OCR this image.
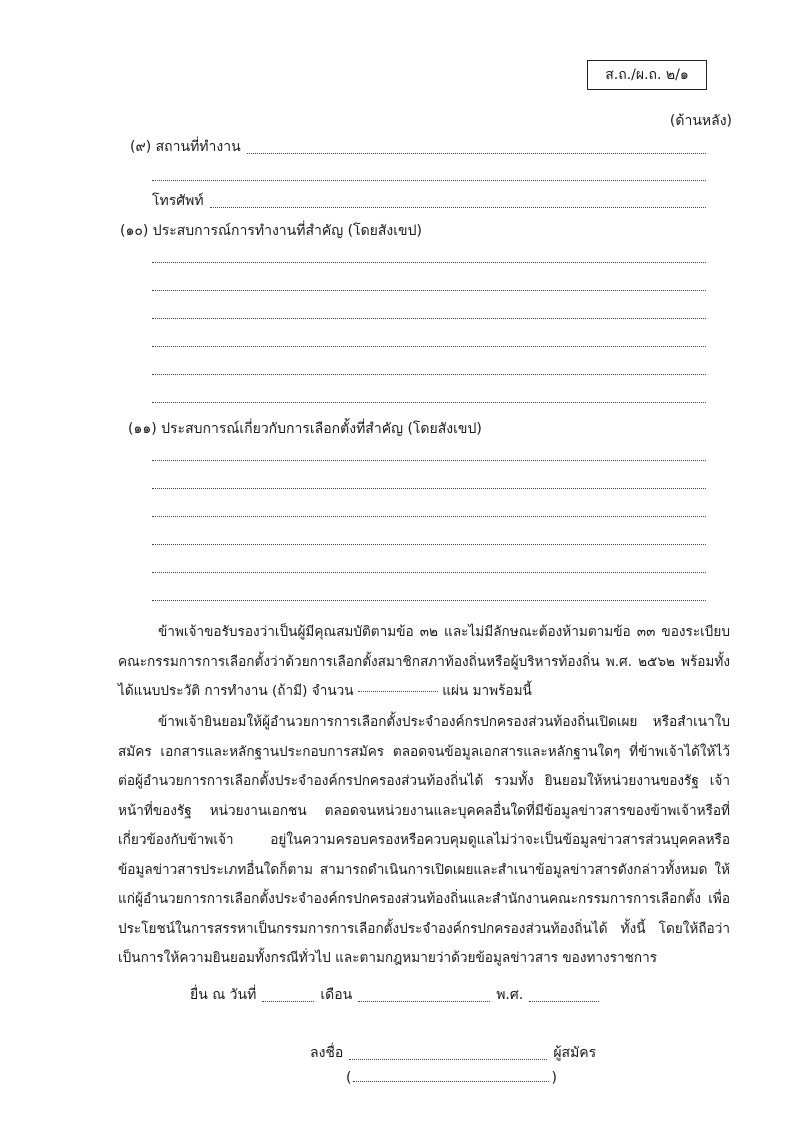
ส.ถ./ผ.ถ. ๒/๑
(ด้านหลัง)
(๙) สถานที่ทำงาน
โทรศัพท์
(๑๐) ประสบการณ์การทำงานที่สำคัญ (โดยสังเขป)
(๑๑) ประสบการณ์เกี่ยวกับการเลือกตั้งที่สำคัญ (โดยสังเขป)

ข้าพเจ้าขอรับรองว่าเป็นผู้มีคุณสมบัติตามข้อ ๓๒ และไม่มีลักษณะต้องห้ามตามข้อ ๓๓ ของระเบียบคณะกรรมการการเลือกตั้งว่าด้วยการเลือกตั้งสมาชิกสภาท้องถิ่นหรือผู้บริหารท้องถิ่น พ.ศ. ๒๕๖๒ พร้อมทั้งได้แนบประวัติ การทำงาน (ถ้ามี) จำนวน	แผ่น มาพร้อมนี้

ข้าพเจ้ายินยอมให้ผู้อำนวยการการเลือกตั้งประจำองค์กรปกครองส่วนท้องถิ่นเปิดเผย หรือสำเนาใบสมัคร เอกสารและหลักฐานประกอบการสมัคร ตลอดจนข้อมูลเอกสารและหลักฐานใดๆ ที่ข้าพเจ้าได้ให้ไว้ต่อผู้อำนวยการการเลือกตั้งประจำองค์กรปกครองส่วนท้องถิ่นได้ รวมทั้ง ยินยอมให้หน่วยงานของรัฐ เจ้าหน้าที่ของรัฐ หน่วยงานเอกชน ตลอดจนหน่วยงานและบุคคลอื่นใดที่มีข้อมูลข่าวสารของข้าพเจ้าหรือที่เกี่ยวข้องกับข้าพเจ้า อยู่ในความครอบครองหรือควบคุมดูแลไม่ว่าจะเป็นข้อมูลข่าวสารส่วนบุคคลหรือข้อมูลข่าวสารประเภทอื่นใดก็ตาม สามารถดำเนินการเปิดเผยและสำเนาข้อมูลข่าวสารดังกล่าวทั้งหมด ให้แก่ผู้อำนวยการการเลือกตั้งประจำองค์กรปกครองส่วนท้องถิ่นและสำนักงานคณะกรรมการการเลือกตั้ง เพื่อประโยชน์ในการสรรหาเป็นกรรมการการเลือกตั้งประจำองค์กรปกครองส่วนท้องถิ่นได้ ทั้งนี้ โดยให้ถือว่าเป็นการให้ความยินยอมทั้งกรณีทั่วไป และตามกฎหมายว่าด้วยข้อมูลข่าวสาร ของทางราชการ

ยื่น ณ วันที่	เดือน	พ.ศ.
ลงชื่อ	ผู้สมัคร
(	)
